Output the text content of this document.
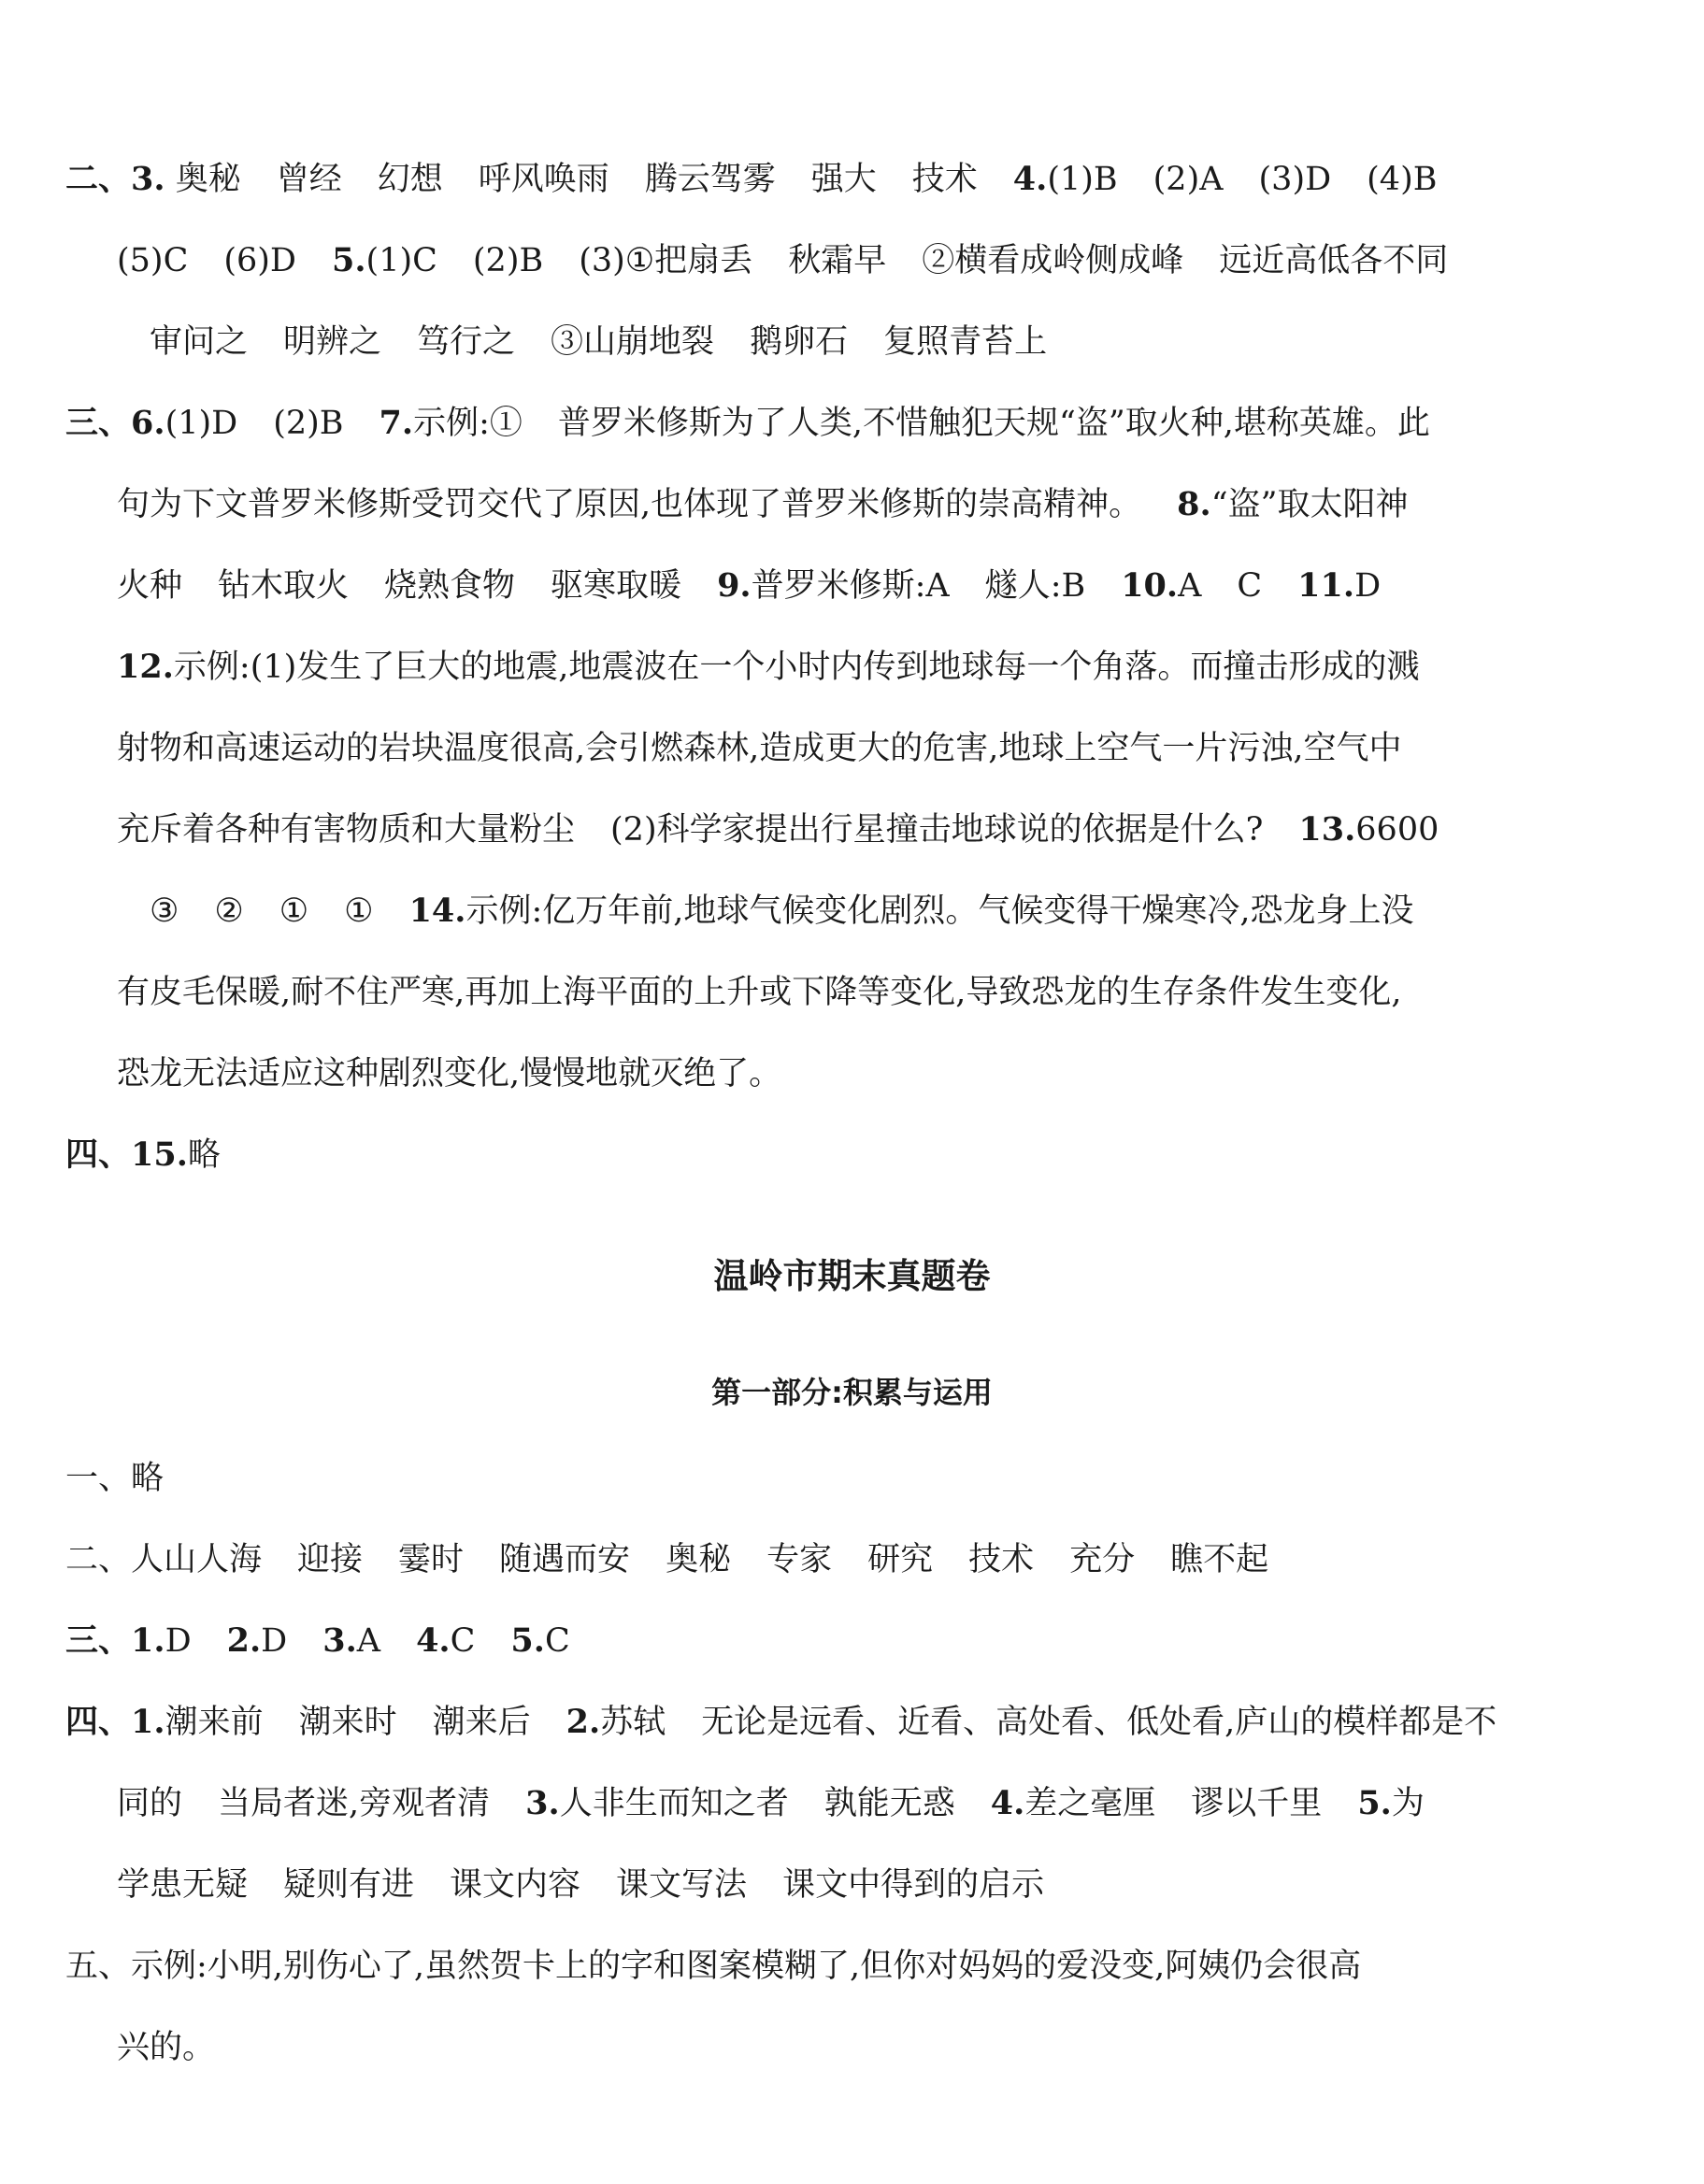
二、3. 奥秘 曾经 幻想 呼风唤雨 腾云驾雾 强大 技术 4.(1)B (2)A (3)D (4)B
(5)C (6)D 5.(1)C (2)B (3)①把扇丢 秋霜早 ②横看成岭侧成峰 远近高低各不同
审问之 明辨之 笃行之 ③山崩地裂 鹅卵石 复照青苔上
三、6.(1)D (2)B 7.示例:① 普罗米修斯为了人类,不惜触犯天规“盗”取火种,堪称英雄。此
句为下文普罗米修斯受罚交代了原因,也体现了普罗米修斯的崇高精神。 8.“盗”取太阳神
火种 钻木取火 烧熟食物 驱寒取暖 9.普罗米修斯:A 燧人:B 10.A C 11.D
12.示例:(1)发生了巨大的地震,地震波在一个小时内传到地球每一个角落。而撞击形成的溅
射物和高速运动的岩块温度很高,会引燃森林,造成更大的危害,地球上空气一片污浊,空气中
充斥着各种有害物质和大量粉尘 (2)科学家提出行星撞击地球说的依据是什么? 13.6600
③ ② ① ① 14.示例:亿万年前,地球气候变化剧烈。气候变得干燥寒冷,恐龙身上没
有皮毛保暖,耐不住严寒,再加上海平面的上升或下降等变化,导致恐龙的生存条件发生变化,
恐龙无法适应这种剧烈变化,慢慢地就灭绝了。
四、15.略
温岭市期末真题卷
第一部分:积累与运用
一、略
二、人山人海 迎接 霎时 随遇而安 奥秘 专家 研究 技术 充分 瞧不起
三、1.D 2.D 3.A 4.C 5.C
四、1.潮来前 潮来时 潮来后 2.苏轼 无论是远看、近看、高处看、低处看,庐山的模样都是不
同的 当局者迷,旁观者清 3.人非生而知之者 孰能无惑 4.差之毫厘 谬以千里 5.为
学患无疑 疑则有进 课文内容 课文写法 课文中得到的启示
五、示例:小明,别伤心了,虽然贺卡上的字和图案模糊了,但你对妈妈的爱没变,阿姨仍会很高
兴的。
